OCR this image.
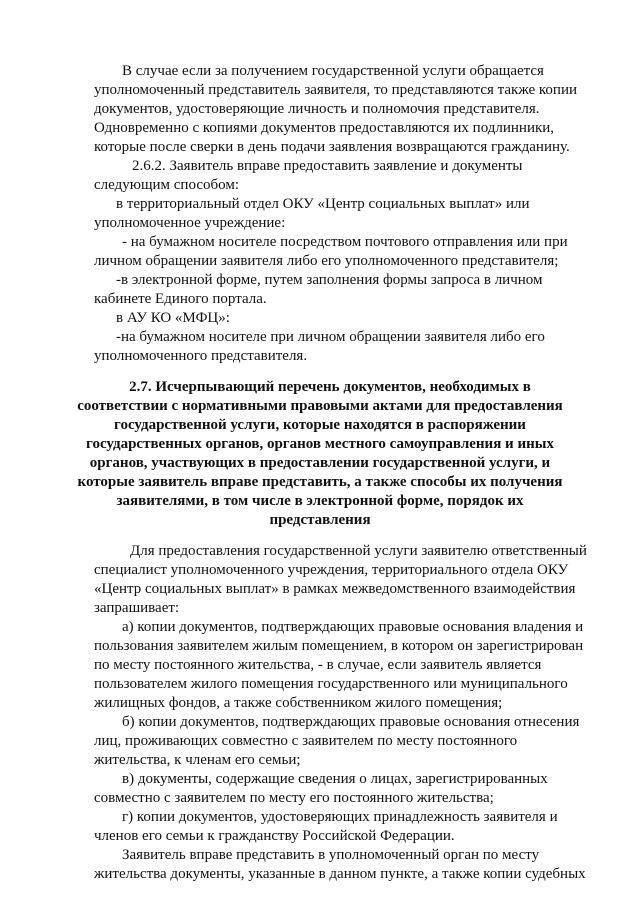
В случае если за получением государственной услуги обращается
уполномоченный представитель заявителя, то представляются также копии
документов, удостоверяющие личность и полномочия представителя.
Одновременно с копиями документов предоставляются их подлинники,
которые после сверки в день подачи заявления возвращаются гражданину.
2.6.2. Заявитель вправе предоставить заявление и документы
следующим способом:
в территориальный отдел ОКУ «Центр социальных выплат» или
уполномоченное учреждение:
- на бумажном носителе посредством почтового отправления или при
личном обращении заявителя либо его уполномоченного представителя;
-в электронной форме, путем заполнения формы запроса в личном
кабинете Единого портала.
в АУ КО «МФЦ»:
-на бумажном носителе при личном обращении заявителя либо его
уполномоченного представителя.
2.7. Исчерпывающий перечень документов, необходимых в
соответствии с нормативными правовыми актами для предоставления
государственной услуги, которые находятся в распоряжении
государственных органов, органов местного самоуправления и иных
органов, участвующих в предоставлении государственной услуги, и
которые заявитель вправе представить, а также способы их получения
заявителями, в том числе в электронной форме, порядок их
представления
Для предоставления государственной услуги заявителю ответственный
специалист уполномоченного учреждения, территориального отдела ОКУ
«Центр социальных выплат» в рамках межведомственного взаимодействия
запрашивает:
а) копии документов, подтверждающих правовые основания владения и
пользования заявителем жилым помещением, в котором он зарегистрирован
по месту постоянного жительства, - в случае, если заявитель является
пользователем жилого помещения государственного или муниципального
жилищных фондов, а также собственником жилого помещения;
б) копии документов, подтверждающих правовые основания отнесения
лиц, проживающих совместно с заявителем по месту постоянного
жительства, к членам его семьи;
в) документы, содержащие сведения о лицах, зарегистрированных
совместно с заявителем по месту его постоянного жительства;
г) копии документов, удостоверяющих принадлежность заявителя и
членов его семьи к гражданству Российской Федерации.
Заявитель вправе представить в уполномоченный орган по месту
жительства документы, указанные в данном пункте, а также копии судебных
